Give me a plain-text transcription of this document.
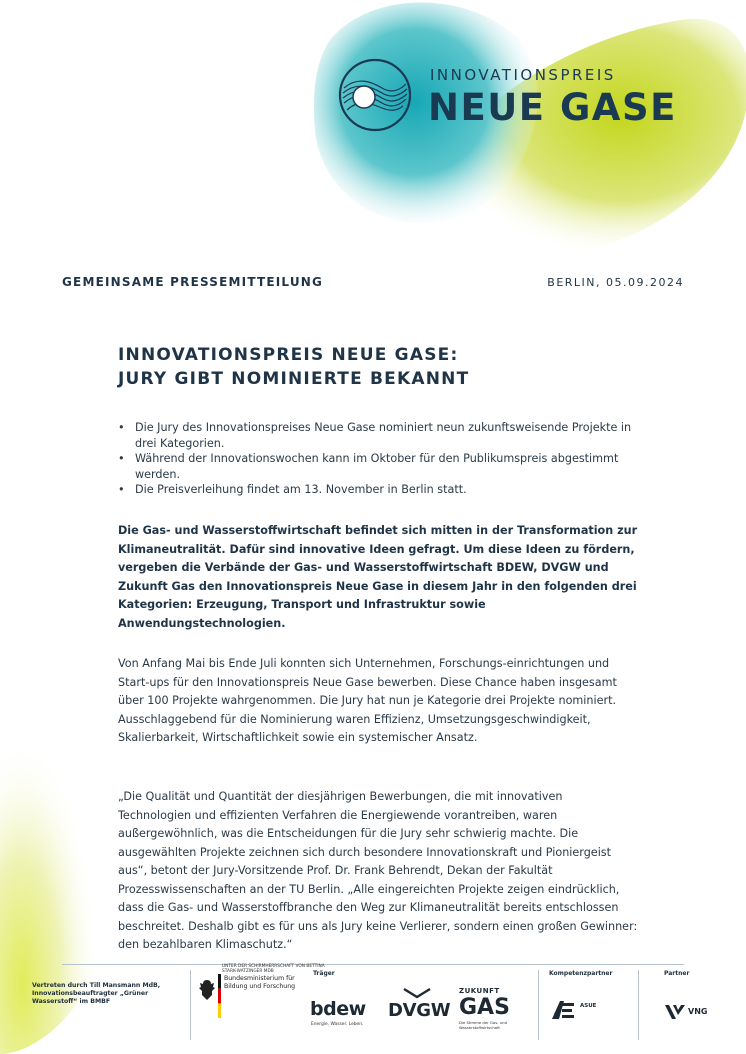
INNOVATIONSPREIS
NEUE GASE
GEMEINSAME PRESSEMITTEILUNG	BERLIN, 05.09.2024
INNOVATIONSPREIS NEUE GASE:
JURY GIBT NOMINIERTE BEKANNT
• Die Jury des Innovationspreises Neue Gase nominiert neun zukunftsweisende Projekte in drei Kategorien.
• Während der Innovationswochen kann im Oktober für den Publikumspreis abgestimmt werden.
• Die Preisverleihung findet am 13. November in Berlin statt.

Die Gas- und Wasserstoffwirtschaft befindet sich mitten in der Transformation zur Klimaneutralität. Dafür sind innovative Ideen gefragt. Um diese Ideen zu fördern, vergeben die Verbände der Gas- und Wasserstoffwirtschaft BDEW, DVGW und Zukunft Gas den Innovationspreis Neue Gase in diesem Jahr in den folgenden drei Kategorien: Erzeugung, Transport und Infrastruktur sowie Anwendungstechnologien.

Von Anfang Mai bis Ende Juli konnten sich Unternehmen, Forschungs-einrichtungen und Start-ups für den Innovationspreis Neue Gase bewerben. Diese Chance haben insgesamt über 100 Projekte wahrgenommen. Die Jury hat nun je Kategorie drei Projekte nominiert. Ausschlaggebend für die Nominierung waren Effizienz, Umsetzungsgeschwindigkeit, Skalierbarkeit, Wirtschaftlichkeit sowie ein systemischer Ansatz.

„Die Qualität und Quantität der diesjährigen Bewerbungen, die mit innovativen Technologien und effizienten Verfahren die Energiewende vorantreiben, waren außergewöhnlich, was die Entscheidungen für die Jury sehr schwierig machte. Die ausgewählten Projekte zeichnen sich durch besondere Innovationskraft und Pioniergeist aus“, betont der Jury-Vorsitzende Prof. Dr. Frank Behrendt, Dekan der Fakultät Prozesswissenschaften an der TU Berlin. „Alle eingereichten Projekte zeigen eindrücklich, dass die Gas- und Wasserstoffbranche den Weg zur Klimaneutralität bereits entschlossen beschreitet. Deshalb gibt es für uns als Jury keine Verlierer, sondern einen großen Gewinner: den bezahlbaren Klimaschutz.“

Vertreten durch Till Mansmann MdB, Innovationsbeauftragter „Grüner Wasserstoff“ im BMBF
UNTER DER SCHIRMHERRSCHAFT VON BETTINA STARK-WATZINGER MDB
Bundesministerium für Bildung und Forschung
Träger
bdew
Energie. Wasser. Leben.
DVGW
ZUKUNFT
GAS
Die Stimme der Gas- und Wasserstoffwirtschaft
Kompetenzpartner
ASUE
Partner
VNG
